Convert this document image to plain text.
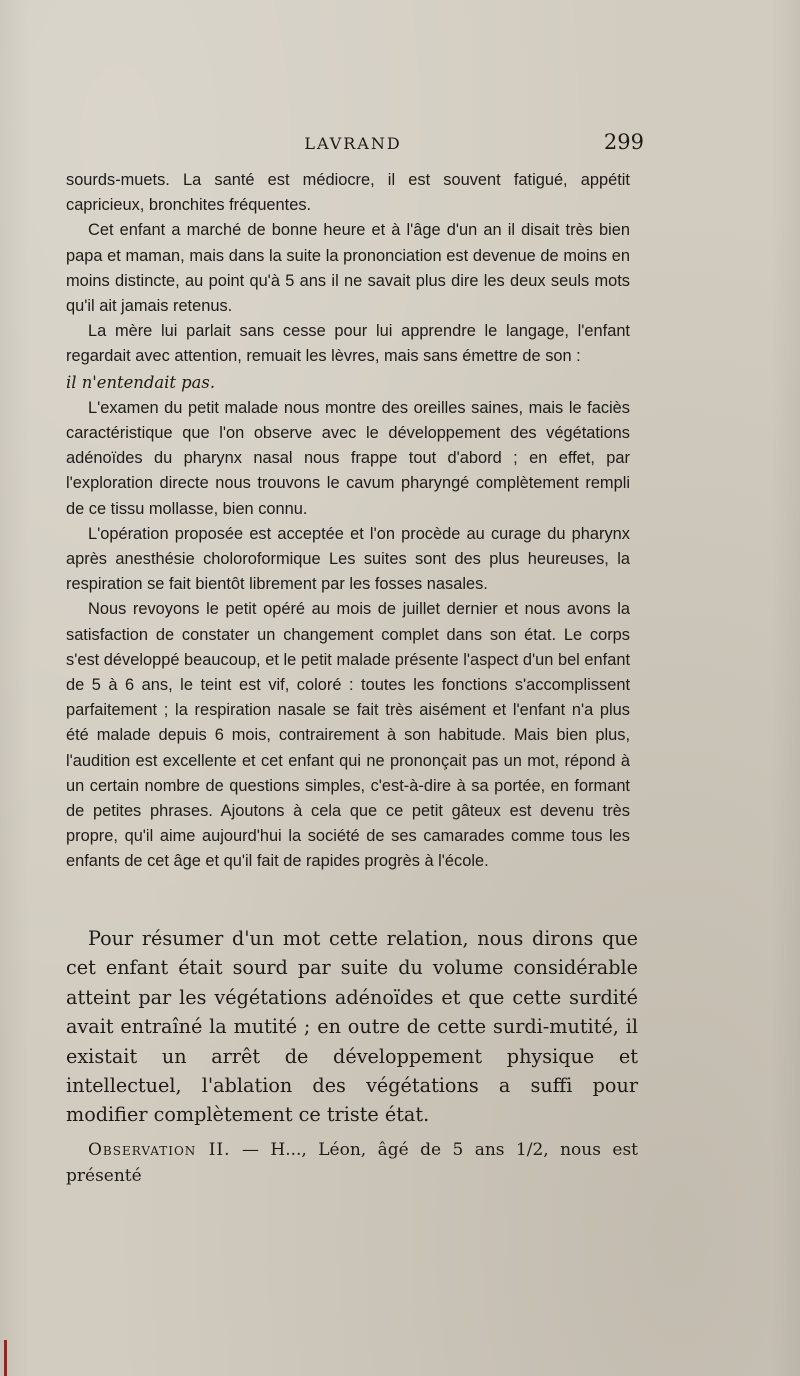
LAVRAND	299

sourds-muets. La santé est médiocre, il est souvent fatigué, appétit capricieux, bronchites fréquentes.

Cet enfant a marché de bonne heure et à l'âge d'un an il disait très bien papa et maman, mais dans la suite la prononciation est devenue de moins en moins distincte, au point qu'à 5 ans il ne savait plus dire les deux seuls mots qu'il ait jamais retenus.

La mère lui parlait sans cesse pour lui apprendre le langage, l'enfant regardait avec attention, remuait les lèvres, mais sans émettre de son :

il n'entendait pas.

L'examen du petit malade nous montre des oreilles saines, mais le faciès caractéristique que l'on observe avec le développement des végétations adénoïdes du pharynx nasal nous frappe tout d'abord ; en effet, par l'exploration directe nous trouvons le cavum pharyngé complètement rempli de ce tissu mollasse, bien connu.

L'opération proposée est acceptée et l'on procède au curage du pharynx après anesthésie choloroformique Les suites sont des plus heureuses, la respiration se fait bientôt librement par les fosses nasales.

Nous revoyons le petit opéré au mois de juillet dernier et nous avons la satisfaction de constater un changement complet dans son état. Le corps s'est développé beaucoup, et le petit malade présente l'aspect d'un bel enfant de 5 à 6 ans, le teint est vif, coloré : toutes les fonctions s'accomplissent parfaitement ; la respiration nasale se fait très aisément et l'enfant n'a plus été malade depuis 6 mois, contrairement à son habitude. Mais bien plus, l'audition est excellente et cet enfant qui ne prononçait pas un mot, répond à un certain nombre de questions simples, c'est-à-dire à sa portée, en formant de petites phrases. Ajoutons à cela que ce petit gâteux est devenu très propre, qu'il aime aujourd'hui la société de ses camarades comme tous les enfants de cet âge et qu'il fait de rapides progrès à l'école.

Pour résumer d'un mot cette relation, nous dirons que cet enfant était sourd par suite du volume considérable atteint par les végétations adénoïdes et que cette surdité avait entraîné la mutité ; en outre de cette surdi-mutité, il existait un arrêt de développement physique et intellectuel, l'ablation des végétations a suffi pour modifier complètement ce triste état.

Observation II. — H..., Léon, âgé de 5 ans 1/2, nous est présenté
